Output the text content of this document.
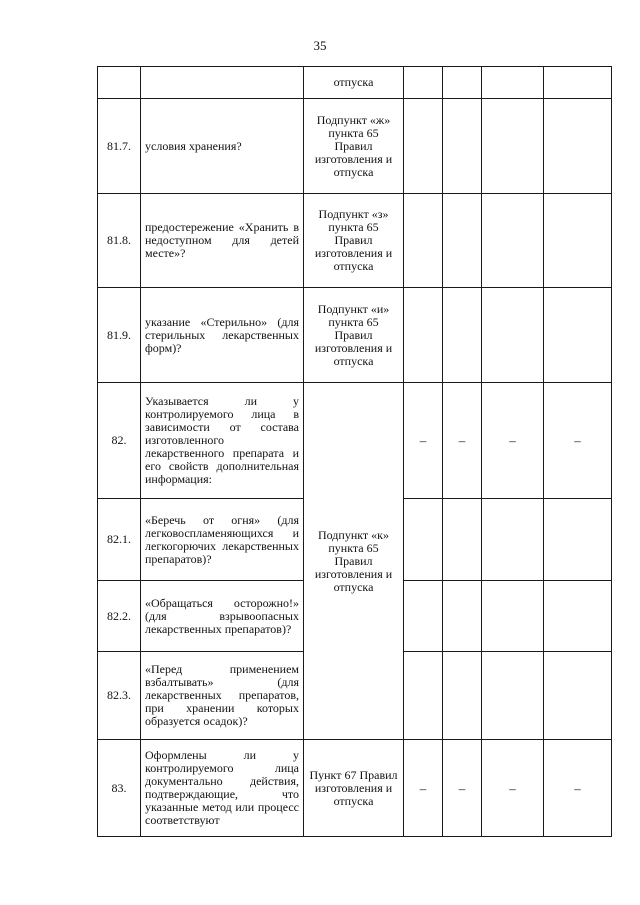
35
		отпуска				
81.7.	условия хранения?	Подпункт «ж» пункта 65 Правил изготовления и отпуска				
81.8.	предостережение «Хранить в недоступном для детей месте»?	Подпункт «з» пункта 65 Правил изготовления и отпуска				
81.9.	указание «Стерильно» (для стерильных лекарственных форм)?	Подпункт «и» пункта 65 Правил изготовления и отпуска				
82.	Указывается ли у контролируемого лица в зависимости от состава изготовленного лекарственного препарата и его свойств дополнительная информация:	Подпункт «к» пункта 65 Правил изготовления и отпуска	–	–	–	–
82.1.	«Беречь от огня» (для легковоспламеняющихся и легкогорючих лекарственных препаратов)?					
82.2.	«Обращаться осторожно!» (для взрывоопасных лекарственных препаратов)?					
82.3.	«Перед применением взбалтывать» (для лекарственных препаратов, при хранении которых образуется осадок)?					
83.	Оформлены ли у контролируемого лица документально действия, подтверждающие, что указанные метод или процесс соответствуют	Пункт 67 Правил изготовления и отпуска	–	–	–	–
